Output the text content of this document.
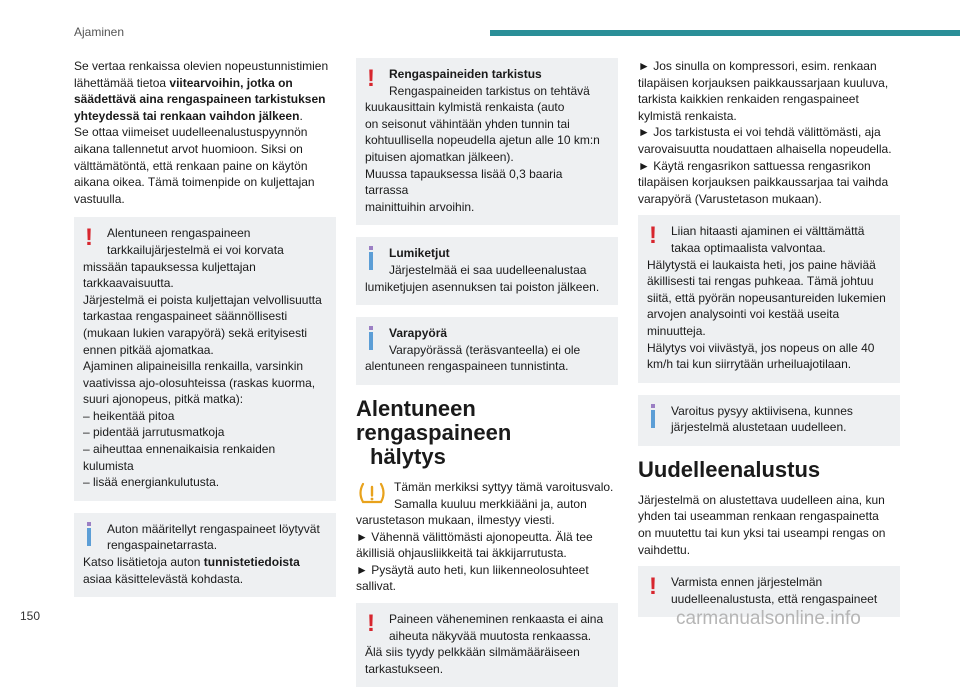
Ajaminen
Se vertaa renkaissa olevien nopeustunnistimien
lähettämää tietoa viitearvoihin, jotka on
säädettävä aina rengaspaineen tarkistuksen
yhteydessä tai renkaan vaihdon jälkeen.
Se ottaa viimeiset uudelleenalustuspyynnön
aikana tallennetut arvot huomioon. Siksi on
välttämätöntä, että renkaan paine on käytön
aikana oikea. Tämä toimenpide on kuljettajan
vastuulla.
!	Alentuneen rengaspaineen
tarkkailujärjestelmä ei voi korvata
missään tapauksessa kuljettajan
tarkkaavaisuutta.
Järjestelmä ei poista kuljettajan velvollisuutta
tarkastaa rengaspaineet säännöllisesti
(mukaan lukien varapyörä) sekä erityisesti
ennen pitkää ajomatkaa.
Ajaminen alipaineisilla renkailla, varsinkin
vaativissa ajo-olosuhteissa (raskas kuorma,
suuri ajonopeus, pitkä matka):
– heikentää pitoa
– pidentää jarrutusmatkoja
– aiheuttaa ennenaikaisia renkaiden
kulumista
– lisää energiankulutusta.
Auton määritellyt rengaspaineet löytyvät
rengaspainetarrasta.
Katso lisätietoja auton tunnistetiedoista
asiaa käsittelevästä kohdasta.
!	Rengaspaineiden tarkistus
Rengaspaineiden tarkistus on tehtävä
kuukausittain kylmistä renkaista (auto
on seisonut vähintään yhden tunnin tai
kohtuullisella nopeudella ajetun alle 10 km:n
pituisen ajomatkan jälkeen).
Muussa tapauksessa lisää 0,3 baaria tarrassa
mainittuihin arvoihin.
Lumiketjut
Järjestelmää ei saa uudelleenalustaa
lumiketjujen asennuksen tai poiston jälkeen.
Varapyörä
Varapyörässä (teräsvanteella) ei ole
alentuneen rengaspaineen tunnistinta.
Alentuneen rengaspaineen
hälytys
Tämän merkiksi syttyy tämä varoitusvalo.
Samalla kuuluu merkkiääni ja, auton
varustetason mukaan, ilmestyy viesti.
► Vähennä välittömästi ajonopeutta. Älä tee
äkillisiä ohjausliikkeitä tai äkkijarrutusta.
► Pysäytä auto heti, kun liikenneolosuhteet
sallivat.
!	Paineen väheneminen renkaasta ei aina
aiheuta näkyvää muutosta renkaassa.
Älä siis tyydy pelkkään silmämääräiseen
tarkastukseen.
► Jos sinulla on kompressori, esim. renkaan
tilapäisen korjauksen paikkaussarjaan kuuluva,
tarkista kaikkien renkaiden rengaspaineet
kylmistä renkaista.
► Jos tarkistusta ei voi tehdä välittömästi, aja
varovaisuutta noudattaen alhaisella nopeudella.
► Käytä rengasrikon sattuessa rengasrikon
tilapäisen korjauksen paikkaussarjaa tai vaihda
varapyörä (Varustetason mukaan).
!	Liian hitaasti ajaminen ei välttämättä
takaa optimaalista valvontaa.
Hälytystä ei laukaista heti, jos paine häviää
äkillisesti tai rengas puhkeaa. Tämä johtuu
siitä, että pyörän nopeusantureiden lukemien
arvojen analysointi voi kestää useita
minuutteja.
Hälytys voi viivästyä, jos nopeus on alle 40
km/h tai kun siirrytään urheiluajotilaan.
Varoitus pysyy aktiivisena, kunnes
järjestelmä alustetaan uudelleen.
Uudelleenalustus
Järjestelmä on alustettava uudelleen aina, kun
yhden tai useamman renkaan rengaspainetta
on muutettu tai kun yksi tai useampi rengas on
vaihdettu.
!	Varmista ennen järjestelmän
uudelleenalustusta, että rengaspaineet
150	carmanualsonline.info
